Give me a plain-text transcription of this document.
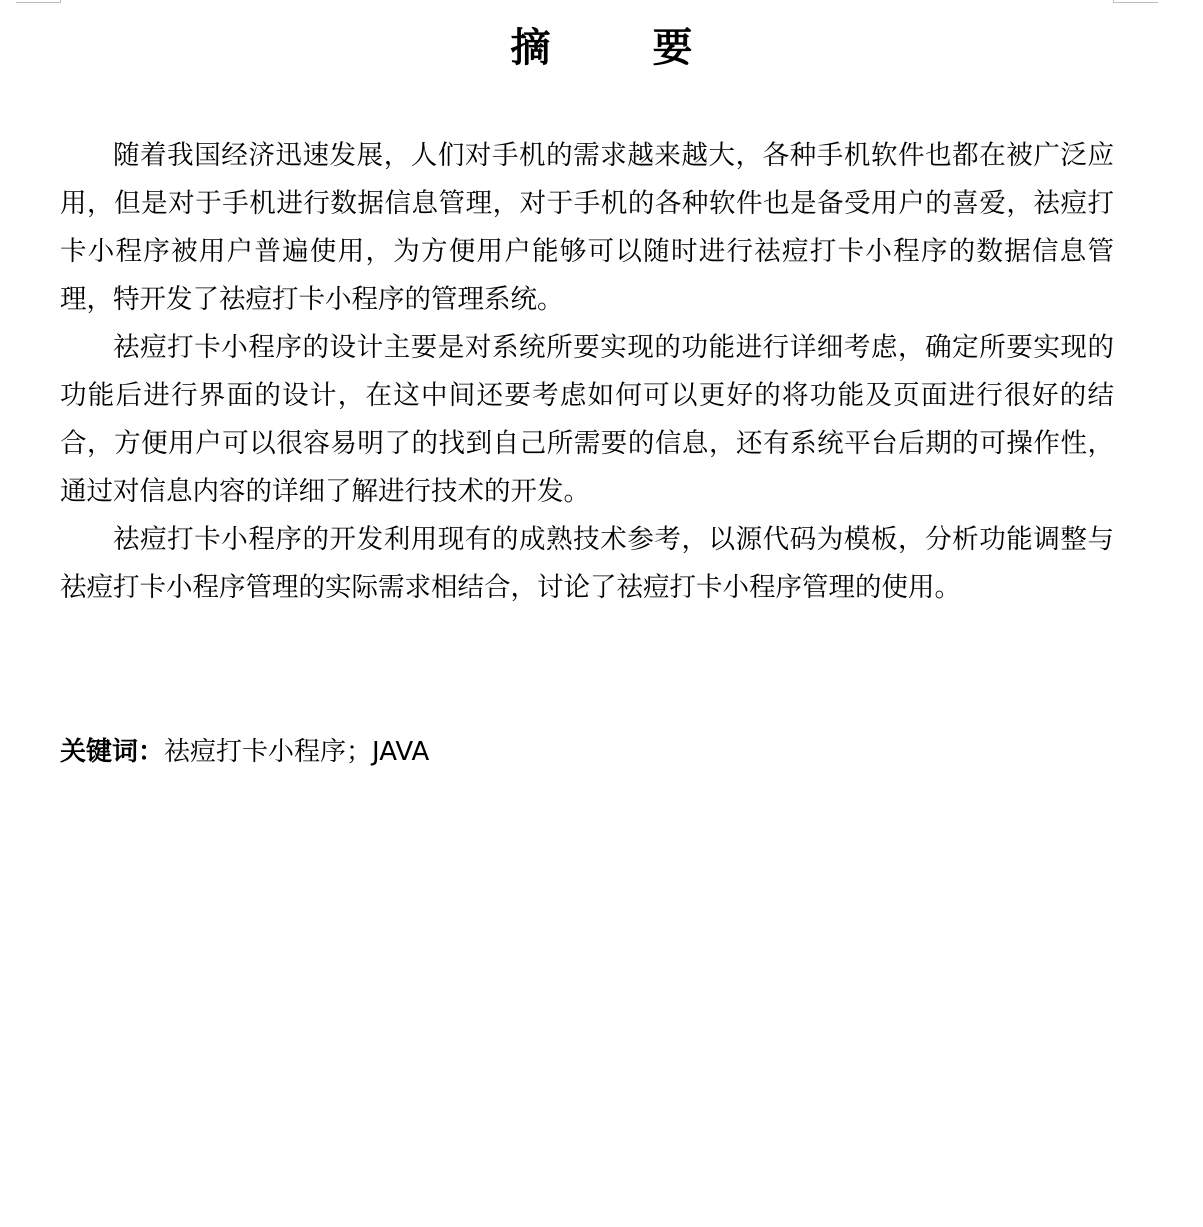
摘 要

随着我国经济迅速发展，人们对手机的需求越来越大，各种手机软件也都在被广泛应用，但是对于手机进行数据信息管理，对于手机的各种软件也是备受用户的喜爱，祛痘打卡小程序被用户普遍使用，为方便用户能够可以随时进行祛痘打卡小程序的数据信息管理，特开发了祛痘打卡小程序的管理系统。

祛痘打卡小程序的设计主要是对系统所要实现的功能进行详细考虑，确定所要实现的功能后进行界面的设计，在这中间还要考虑如何可以更好的将功能及页面进行很好的结合，方便用户可以很容易明了的找到自己所需要的信息，还有系统平台后期的可操作性，通过对信息内容的详细了解进行技术的开发。

祛痘打卡小程序的开发利用现有的成熟技术参考，以源代码为模板，分析功能调整与祛痘打卡小程序管理的实际需求相结合，讨论了祛痘打卡小程序管理的使用。

关键词：祛痘打卡小程序；JAVA
